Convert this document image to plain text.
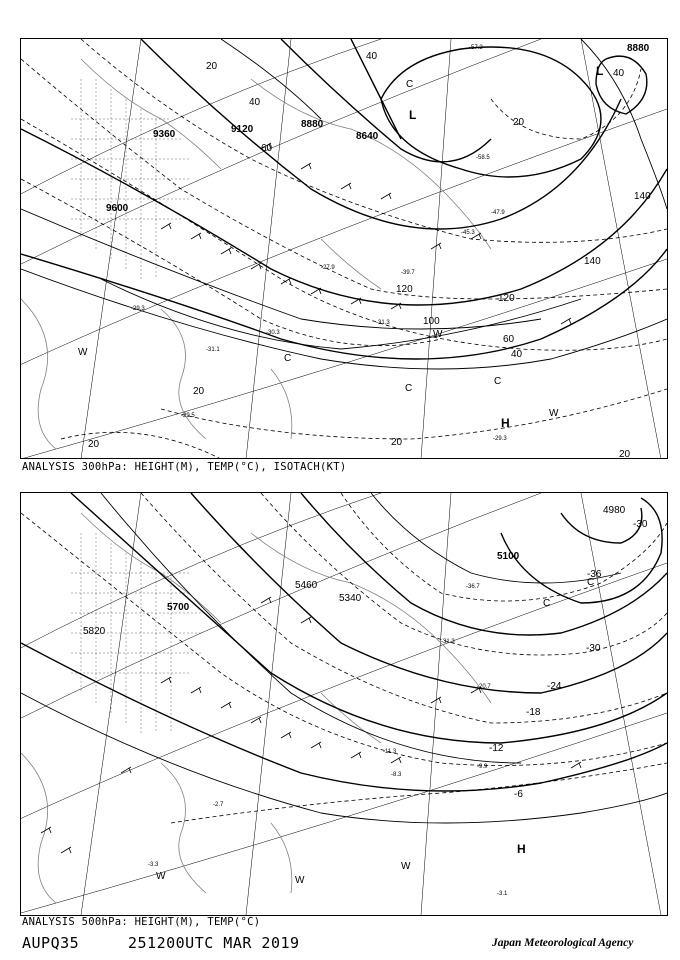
9600
9360	9120	8880
8640
8880
40
40
60
100
120
120
140
140
60
40
40
20
20
20	20
20
20
-29.3
-29.5
-31.1
-30.3
-31.3
-47.9
-45.3
-58.5
-57.2
-39.7
-27.9
-29.3
H
L
L
W
W
W
C
C
C
C
ANALYSIS 300hPa: HEIGHT(M), TEMP(°C), ISOTACH(KT)
5820
5700
5460
5340
5100
4980
-6
-12
-18
-24
-30
-36
-30
-3.3
-2.7
-8.3
-9.9
-3.1
-11.3
-20.7
-31.3
-36.7
H
W	W
W
C
C
ANALYSIS 500hPa: HEIGHT(M), TEMP(°C)
AUPQ35	251200UTC MAR 2019	Japan Meteorological Agency
